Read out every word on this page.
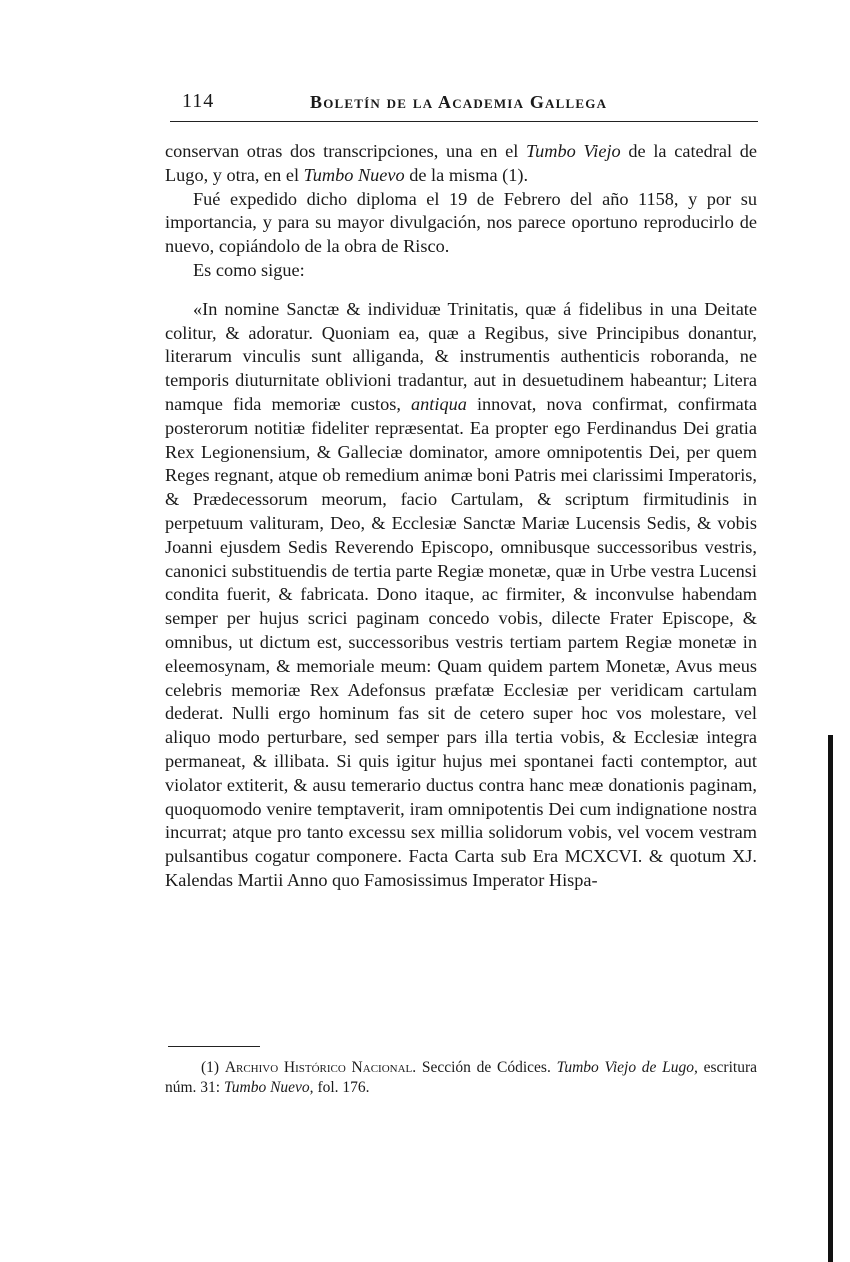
114	Boletín de la Academia Gallega

conservan otras dos transcripciones, una en el Tumbo Viejo de la catedral de Lugo, y otra, en el Tumbo Nuevo de la misma (1).

Fué expedido dicho diploma el 19 de Febrero del año 1158, y por su importancia, y para su mayor divulgación, nos parece oportuno reproducirlo de nuevo, copiándolo de la obra de Risco.

Es como sigue:

«In nomine Sanctæ & individuæ Trinitatis, quæ á fidelibus in una Deitate colitur, & adoratur. Quoniam ea, quæ a Regibus, sive Principibus donantur, literarum vinculis sunt alliganda, & instrumentis authenticis roboranda, ne temporis diuturnitate oblivioni tradantur, aut in desuetudinem habeantur; Litera namque fida memoriæ custos, antiqua innovat, nova confirmat, confirmata posterorum notitiæ fideliter repræsentat. Ea propter ego Ferdinandus Dei gratia Rex Legionensium, & Galleciæ dominator, amore omnipotentis Dei, per quem Reges regnant, atque ob remedium animæ boni Patris mei clarissimi Imperatoris, & Prædecessorum meorum, facio Cartulam, & scriptum firmitudinis in perpetuum valituram, Deo, & Ecclesiæ Sanctæ Mariæ Lucensis Sedis, & vobis Joanni ejusdem Sedis Reverendo Episcopo, omnibusque successoribus vestris, canonici substituendis de tertia parte Regiæ monetæ, quæ in Urbe vestra Lucensi condita fuerit, & fabricata. Dono itaque, ac firmiter, & inconvulse habendam semper per hujus scrici paginam concedo vobis, dilecte Frater Episcope, & omnibus, ut dictum est, successoribus vestris tertiam partem Regiæ monetæ in eleemosynam, & memoriale meum: Quam quidem partem Monetæ, Avus meus celebris memoriæ Rex Adefonsus præfatæ Ecclesiæ per veridicam cartulam dederat. Nulli ergo hominum fas sit de cetero super hoc vos molestare, vel aliquo modo perturbare, sed semper pars illa tertia vobis, & Ecclesiæ integra permaneat, & illibata. Si quis igitur hujus mei spontanei facti contemptor, aut violator extiterit, & ausu temerario ductus contra hanc meæ donationis paginam, quoquomodo venire temptaverit, iram omnipotentis Dei cum indignatione nostra incurrat; atque pro tanto excessu sex millia solidorum vobis, vel vocem vestram pulsantibus cogatur componere. Facta Carta sub Era MCXCVI. & quotum XJ. Kalendas Martii Anno quo Famosissimus Imperator Hispa-

(1) Archivo Histórico Nacional. Sección de Códices. Tumbo Viejo de Lugo, escritura núm. 31: Tumbo Nuevo, fol. 176.
